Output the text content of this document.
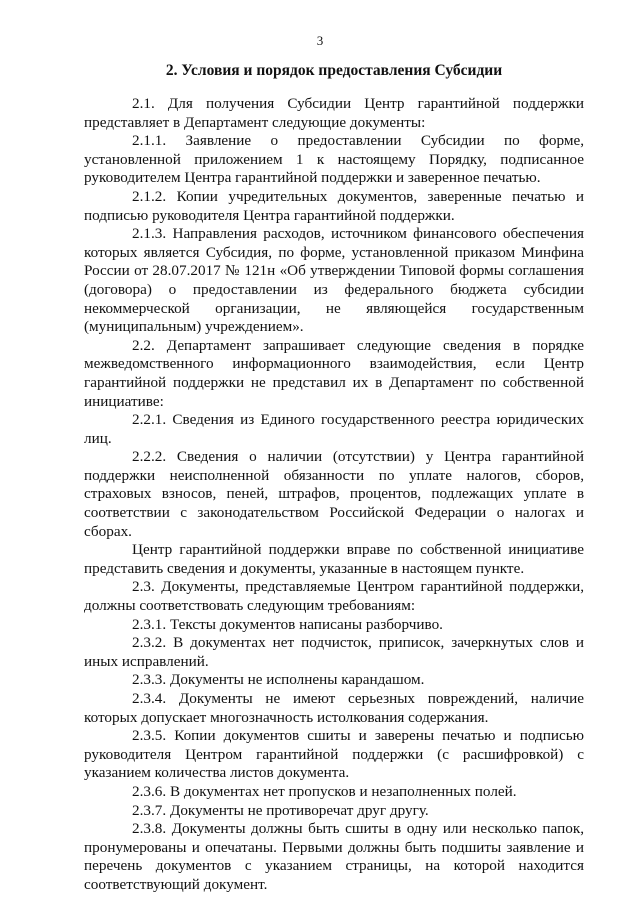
3
2. Условия и порядок предоставления Субсидии

2.1. Для получения Субсидии Центр гарантийной поддержки представляет в Департамент следующие документы:

2.1.1. Заявление о предоставлении Субсидии по форме, установленной приложением 1 к настоящему Порядку, подписанное руководителем Центра гарантийной поддержки и заверенное печатью.

2.1.2. Копии учредительных документов, заверенные печатью и подписью руководителя Центра гарантийной поддержки.

2.1.3. Направления расходов, источником финансового обеспечения которых является Субсидия, по форме, установленной приказом Минфина России от 28.07.2017 № 121н «Об утверждении Типовой формы соглашения (договора) о предоставлении из федерального бюджета субсидии некоммерческой организации, не являющейся государственным (муниципальным) учреждением».

2.2. Департамент запрашивает следующие сведения в порядке межведомственного информационного взаимодействия, если Центр гарантийной поддержки не представил их в Департамент по собственной инициативе:

2.2.1. Сведения из Единого государственного реестра юридических лиц.

2.2.2. Сведения о наличии (отсутствии) у Центра гарантийной поддержки неисполненной обязанности по уплате налогов, сборов, страховых взносов, пеней, штрафов, процентов, подлежащих уплате в соответствии с законодательством Российской Федерации о налогах и сборах.

Центр гарантийной поддержки вправе по собственной инициативе представить сведения и документы, указанные в настоящем пункте.

2.3. Документы, представляемые Центром гарантийной поддержки, должны соответствовать следующим требованиям:

2.3.1. Тексты документов написаны разборчиво.

2.3.2. В документах нет подчисток, приписок, зачеркнутых слов и иных исправлений.

2.3.3. Документы не исполнены карандашом.

2.3.4. Документы не имеют серьезных повреждений, наличие которых допускает многозначность истолкования содержания.

2.3.5. Копии документов сшиты и заверены печатью и подписью руководителя Центром гарантийной поддержки (с расшифровкой) с указанием количества листов документа.

2.3.6. В документах нет пропусков и незаполненных полей.

2.3.7. Документы не противоречат друг другу.

2.3.8. Документы должны быть сшиты в одну или несколько папок, пронумерованы и опечатаны. Первыми должны быть подшиты заявление и перечень документов с указанием страницы, на которой находится соответствующий документ.
